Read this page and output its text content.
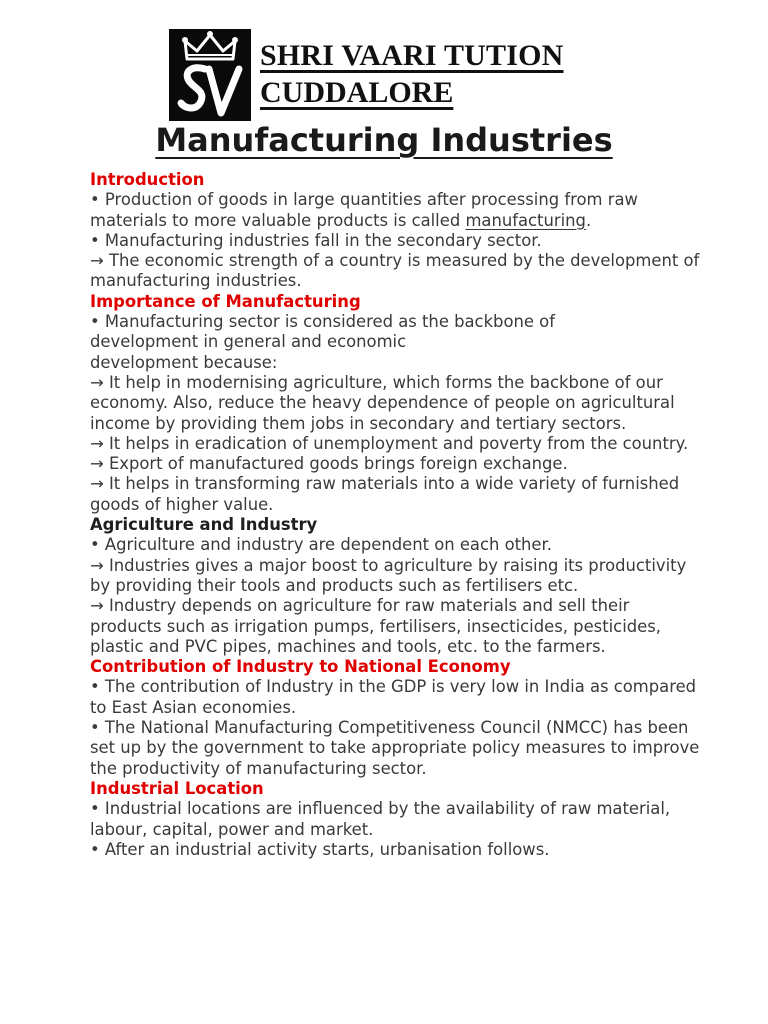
SHRI VAARI TUTION
CUDDALORE
Manufacturing Industries

Introduction

• Production of goods in large quantities after processing from raw materials to more valuable products is called manufacturing.

• Manufacturing industries fall in the secondary sector.

→ The economic strength of a country is measured by the development of manufacturing industries.

Importance of Manufacturing

• Manufacturing sector is considered as the backbone of

development in general and economic

development because:

→ It help in modernising agriculture, which forms the backbone of our economy. Also, reduce the heavy dependence of people on agricultural income by providing them jobs in secondary and tertiary sectors.

→ It helps in eradication of unemployment and poverty from the country.

→ Export of manufactured goods brings foreign exchange.

→ It helps in transforming raw materials into a wide variety of furnished goods of higher value.

Agriculture and Industry

• Agriculture and industry are dependent on each other.

→ Industries gives a major boost to agriculture by raising its productivity by providing their tools and products such as fertilisers etc.

→ Industry depends on agriculture for raw materials and sell their products such as irrigation pumps, fertilisers, insecticides, pesticides, plastic and PVC pipes, machines and tools, etc. to the farmers.

Contribution of Industry to National Economy

• The contribution of Industry in the GDP is very low in India as compared to East Asian economies.

• The National Manufacturing Competitiveness Council (NMCC) has been set up by the government to take appropriate policy measures to improve the productivity of manufacturing sector.

Industrial Location

• Industrial locations are influenced by the availability of raw material, labour, capital, power and market.

• After an industrial activity starts, urbanisation follows.
